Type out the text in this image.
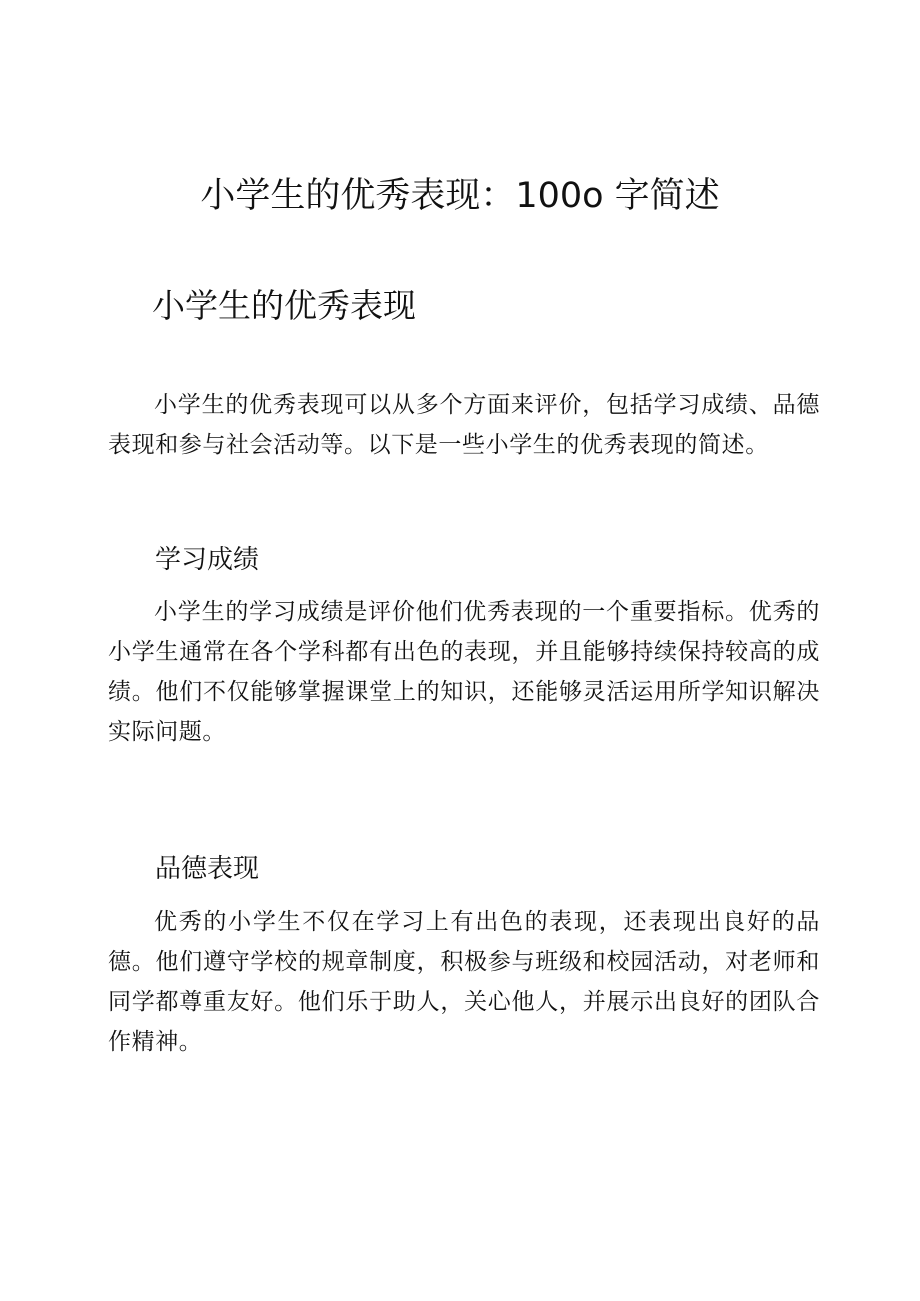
小学生的优秀表现：100o 字简述
小学生的优秀表现

小学生的优秀表现可以从多个方面来评价，包括学习成绩、品德表现和参与社会活动等。以下是一些小学生的优秀表现的简述。

学习成绩

小学生的学习成绩是评价他们优秀表现的一个重要指标。优秀的小学生通常在各个学科都有出色的表现，并且能够持续保持较高的成绩。他们不仅能够掌握课堂上的知识，还能够灵活运用所学知识解决实际问题。

品德表现

优秀的小学生不仅在学习上有出色的表现，还表现出良好的品德。他们遵守学校的规章制度，积极参与班级和校园活动，对老师和同学都尊重友好。他们乐于助人，关心他人，并展示出良好的团队合作精神。
